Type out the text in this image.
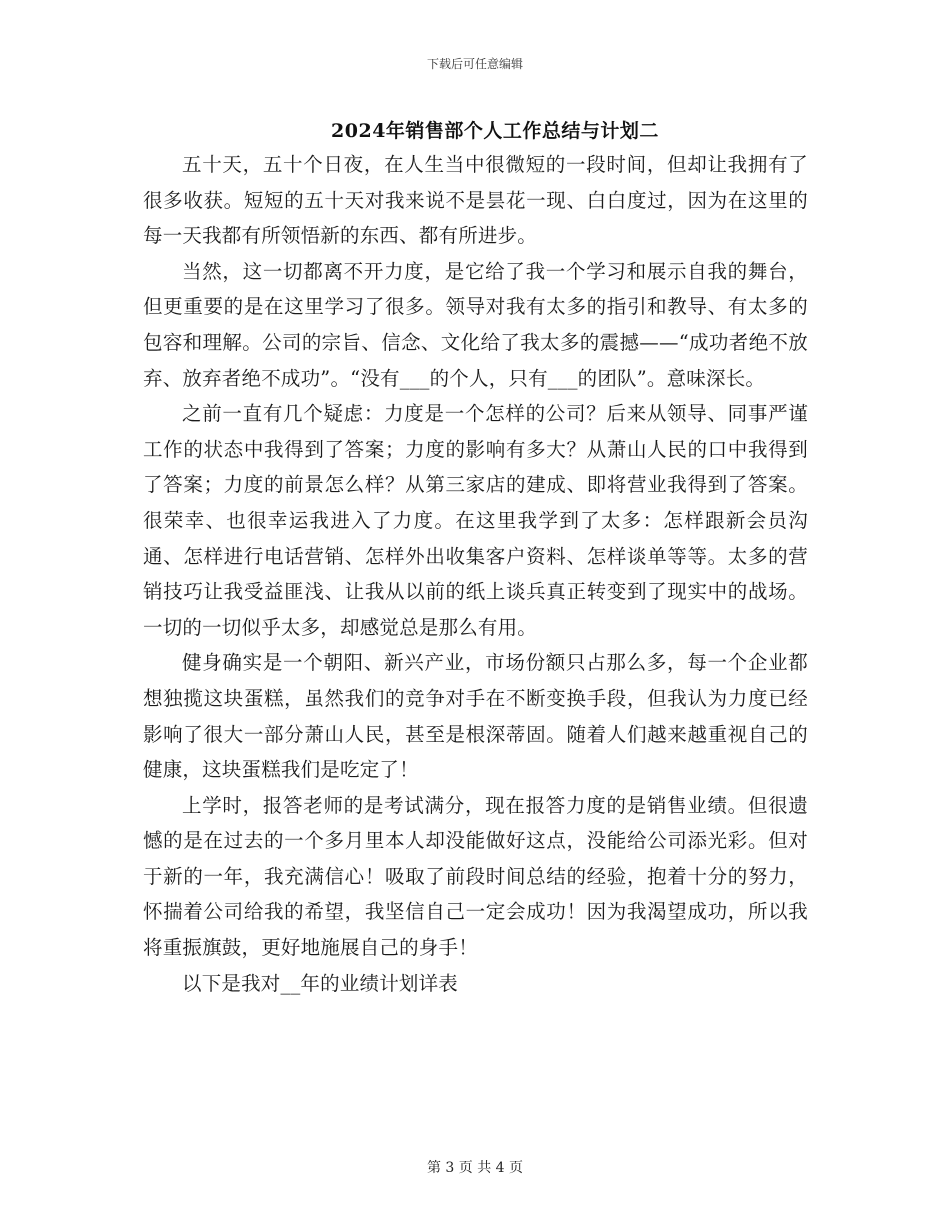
下载后可任意编辑
2024年销售部个人工作总结与计划二

五十天，五十个日夜，在人生当中很微短的一段时间，但却让我拥有了很多收获。短短的五十天对我来说不是昙花一现、白白度过，因为在这里的每一天我都有所领悟新的东西、都有所进步。

当然，这一切都离不开力度，是它给了我一个学习和展示自我的舞台，但更重要的是在这里学习了很多。领导对我有太多的指引和教导、有太多的包容和理解。公司的宗旨、信念、文化给了我太多的震撼——“成功者绝不放弃、放弃者绝不成功”。“没有___的个人，只有___的团队”。意味深长。

之前一直有几个疑虑：力度是一个怎样的公司？后来从领导、同事严谨工作的状态中我得到了答案；力度的影响有多大？从萧山人民的口中我得到了答案；力度的前景怎么样？从第三家店的建成、即将营业我得到了答案。很荣幸、也很幸运我进入了力度。在这里我学到了太多：怎样跟新会员沟通、怎样进行电话营销、怎样外出收集客户资料、怎样谈单等等。太多的营销技巧让我受益匪浅、让我从以前的纸上谈兵真正转变到了现实中的战场。一切的一切似乎太多，却感觉总是那么有用。

健身确实是一个朝阳、新兴产业，市场份额只占那么多，每一个企业都想独揽这块蛋糕，虽然我们的竞争对手在不断变换手段，但我认为力度已经影响了很大一部分萧山人民，甚至是根深蒂固。随着人们越来越重视自己的健康，这块蛋糕我们是吃定了！

上学时，报答老师的是考试满分，现在报答力度的是销售业绩。但很遗憾的是在过去的一个多月里本人却没能做好这点，没能给公司添光彩。但对于新的一年，我充满信心！吸取了前段时间总结的经验，抱着十分的努力，怀揣着公司给我的希望，我坚信自己一定会成功！因为我渴望成功，所以我将重振旗鼓，更好地施展自己的身手！

以下是我对__年的业绩计划详表

第 3 页 共 4 页
